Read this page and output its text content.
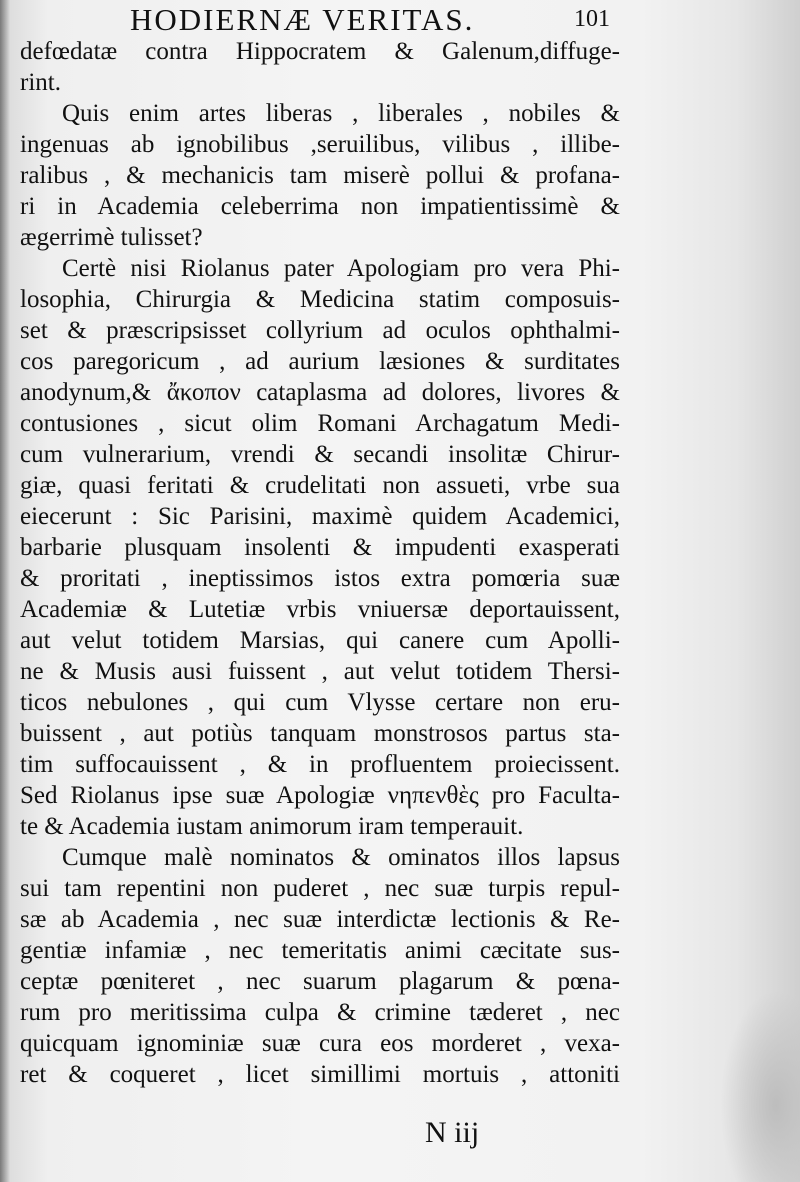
HODIERNÆ VERITAS.	101
defœdatæ contra Hippocratem & Galenum,diffuge-
rint.
Quis enim artes liberas , liberales , nobiles &
ingenuas ab ignobilibus ,seruilibus, vilibus , illibe-
ralibus , & mechanicis tam miserè pollui & profana-
ri in Academia celeberrima non impatientissimè &
ægerrimè tulisset?
Certè nisi Riolanus pater Apologiam pro vera Phi-
losophia, Chirurgia & Medicina statim composuis-
set & præscripsisset collyrium ad oculos ophthalmi-
cos paregoricum , ad aurium læsiones & surditates
anodynum,& ἄκοπον cataplasma ad dolores, livores &
contusiones , sicut olim Romani Archagatum Medi-
cum vulnerarium, vrendi & secandi insolitæ Chirur-
giæ, quasi feritati & crudelitati non assueti, vrbe sua
eiecerunt : Sic Parisini, maximè quidem Academici,
barbarie plusquam insolenti & impudenti exasperati
& proritati , ineptissimos istos extra pomœria suæ
Academiæ & Lutetiæ vrbis vniuersæ deportauissent,
aut velut totidem Marsias, qui canere cum Apolli-
ne & Musis ausi fuissent , aut velut totidem Thersi-
ticos nebulones , qui cum Vlysse certare non eru-
buissent , aut potiùs tanquam monstrosos partus sta-
tim suffocauissent , & in profluentem proiecissent.
Sed Riolanus ipse suæ Apologiæ νηπενθὲς pro Faculta-
te & Academia iustam animorum iram temperauit.
Cumque malè nominatos & ominatos illos lapsus
sui tam repentini non puderet , nec suæ turpis repul-
sæ ab Academia , nec suæ interdictæ lectionis & Re-
gentiæ infamiæ , nec temeritatis animi cæcitate sus-
ceptæ pœniteret , nec suarum plagarum & pœna-
rum pro meritissima culpa & crimine tæderet , nec
quicquam ignominiæ suæ cura eos morderet , vexa-
ret & coqueret , licet simillimi mortuis , attoniti
N iij
